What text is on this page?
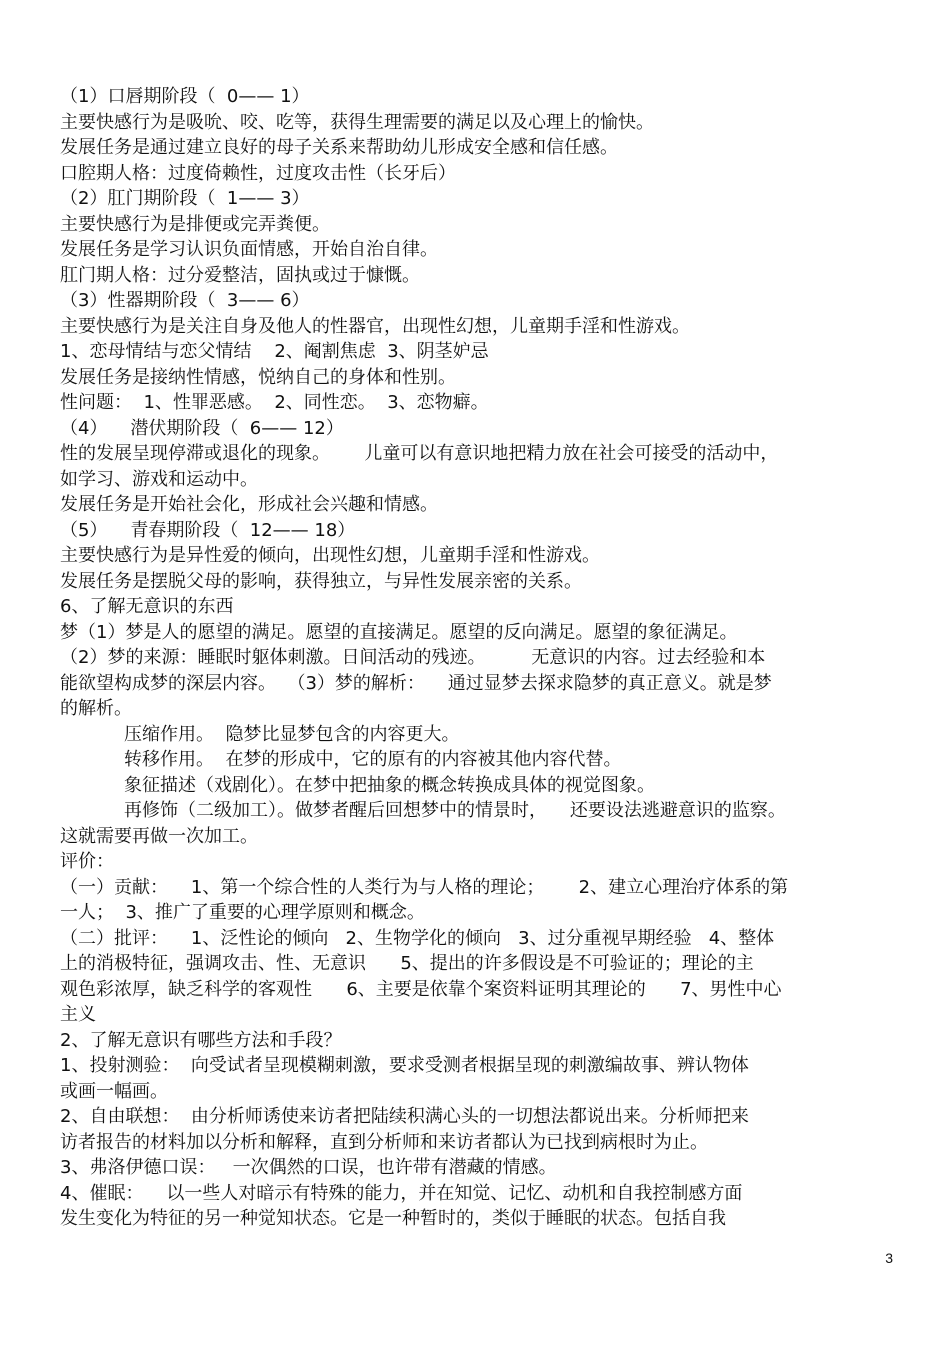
（1）口唇期阶段（  0—— 1）
主要快感行为是吸吮、咬、吃等，获得生理需要的满足以及心理上的愉快。
发展任务是通过建立良好的母子关系来帮助幼儿形成安全感和信任感。
口腔期人格：过度倚赖性，过度攻击性（长牙后）
（2）肛门期阶段（  1—— 3）
主要快感行为是排便或完弄粪便。
发展任务是学习认识负面情感，开始自治自律。
肛门期人格：过分爱整洁，固执或过于慷慨。
（3）性器期阶段（  3—— 6）
主要快感行为是关注自身及他人的性器官，出现性幻想，儿童期手淫和性游戏。
1、恋母情结与恋父情结    2、阉割焦虑  3、阴茎妒忌
发展任务是接纳性情感，悦纳自己的身体和性别。
性问题：  1、性罪恶感。  2、同性恋。  3、恋物癖。
（4）    潜伏期阶段（  6—— 12）
性的发展呈现停滞或退化的现象。      儿童可以有意识地把精力放在社会可接受的活动中，
如学习、游戏和运动中。
发展任务是开始社会化，形成社会兴趣和情感。
（5）    青春期阶段（  12—— 18）
主要快感行为是异性爱的倾向，出现性幻想，儿童期手淫和性游戏。
发展任务是摆脱父母的影响，获得独立，与异性发展亲密的关系。
6、了解无意识的东西
梦（1）梦是人的愿望的满足。愿望的直接满足。愿望的反向满足。愿望的象征满足。
（2）梦的来源：睡眠时躯体刺激。日间活动的残迹。        无意识的内容。过去经验和本
能欲望构成梦的深层内容。  （3）梦的解析：    通过显梦去探求隐梦的真正意义。就是梦
的解析。
压缩作用。  隐梦比显梦包含的内容更大。
转移作用。  在梦的形成中，它的原有的内容被其他内容代替。
象征描述（戏剧化）。在梦中把抽象的概念转换成具体的视觉图象。
再修饰（二级加工）。做梦者醒后回想梦中的情景时，    还要设法逃避意识的监察。
这就需要再做一次加工。
评价：
（一）贡献：    1、第一个综合性的人类行为与人格的理论；      2、建立心理治疗体系的第
一人；  3、推广了重要的心理学原则和概念。
（二）批评：    1、泛性论的倾向   2、生物学化的倾向   3、过分重视早期经验   4、整体
上的消极特征，强调攻击、性、无意识      5、提出的许多假设是不可验证的；理论的主
观色彩浓厚，缺乏科学的客观性      6、主要是依靠个案资料证明其理论的      7、男性中心
主义
2、了解无意识有哪些方法和手段？
1、投射测验：  向受试者呈现模糊刺激，要求受测者根据呈现的刺激编故事、辨认物体
或画一幅画。
2、自由联想：  由分析师诱使来访者把陆续积满心头的一切想法都说出来。分析师把来
访者报告的材料加以分析和解释，直到分析师和来访者都认为已找到病根时为止。
3、弗洛伊德口误：   一次偶然的口误，也许带有潜藏的情感。
4、催眠：    以一些人对暗示有特殊的能力，并在知觉、记忆、动机和自我控制感方面
发生变化为特征的另一种觉知状态。它是一种暂时的，类似于睡眠的状态。包括自我
3
